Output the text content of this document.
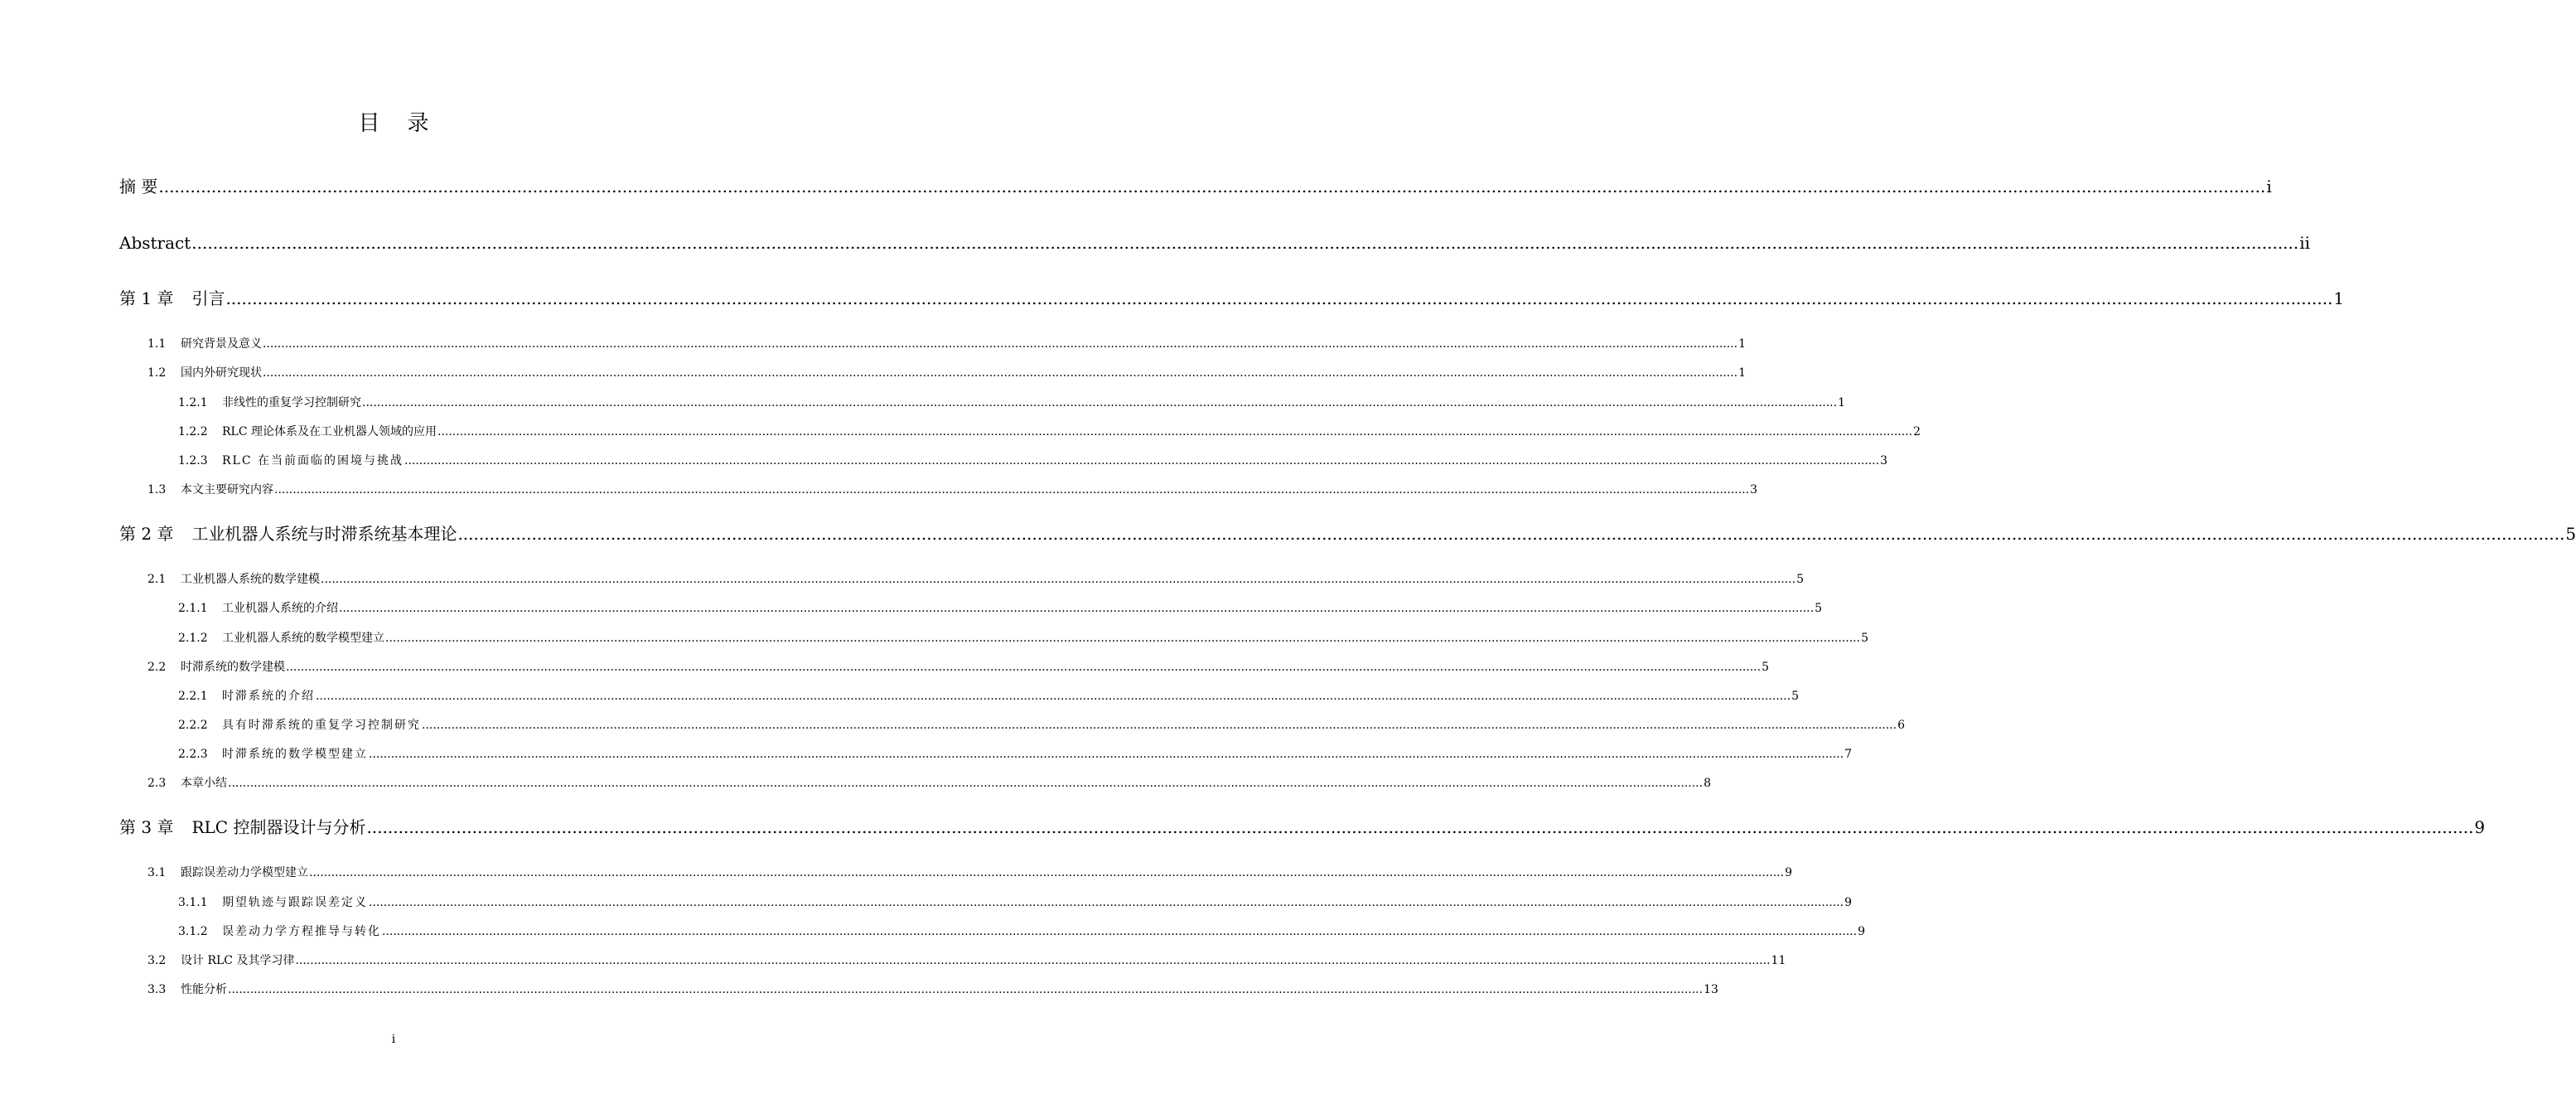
目    录
摘 要 ................................................................................................................................................................................................................................................................................................................................................................................................................ i
Abstract ................................................................................................................................................................................................................................................................................................................................................................................................................ ii
第 1 章 引言 ................................................................................................................................................................................................................................................................................................................................................................................................................ 1
1.1	研究背景及意义 ................................................................................................................................................................................................................................................................................................................................................................................................................ 1
1.2	国内外研究现状 ................................................................................................................................................................................................................................................................................................................................................................................................................ 1
1.2.1	非线性的重复学习控制研究 ................................................................................................................................................................................................................................................................................................................................................................................................................ 1
1.2.2	RLC 理论体系及在工业机器人领域的应用 ................................................................................................................................................................................................................................................................................................................................................................................................................ 2
1.2.3	RLC 在当前面临的困境与挑战 ................................................................................................................................................................................................................................................................................................................................................................................................................ 3
1.3	本文主要研究内容 ................................................................................................................................................................................................................................................................................................................................................................................................................ 3
第 2 章 工业机器人系统与时滞系统基本理论 ................................................................................................................................................................................................................................................................................................................................................................................................................ 5
2.1	工业机器人系统的数学建模 ................................................................................................................................................................................................................................................................................................................................................................................................................ 5
2.1.1	工业机器人系统的介绍 ................................................................................................................................................................................................................................................................................................................................................................................................................ 5
2.1.2	工业机器人系统的数学模型建立 ................................................................................................................................................................................................................................................................................................................................................................................................................ 5
2.2	时滞系统的数学建模 ................................................................................................................................................................................................................................................................................................................................................................................................................ 5
2.2.1	时滞系统的介绍 ................................................................................................................................................................................................................................................................................................................................................................................................................ 5
2.2.2	具有时滞系统的重复学习控制研究 ................................................................................................................................................................................................................................................................................................................................................................................................................ 6
2.2.3	时滞系统的数学模型建立 ................................................................................................................................................................................................................................................................................................................................................................................................................ 7
2.3	本章小结 ................................................................................................................................................................................................................................................................................................................................................................................................................ 8
第 3 章 RLC 控制器设计与分析 ................................................................................................................................................................................................................................................................................................................................................................................................................ 9
3.1	跟踪误差动力学模型建立 ................................................................................................................................................................................................................................................................................................................................................................................................................ 9
3.1.1	期望轨迹与跟踪误差定义 ................................................................................................................................................................................................................................................................................................................................................................................................................ 9
3.1.2	误差动力学方程推导与转化 ................................................................................................................................................................................................................................................................................................................................................................................................................ 9
3.2	设计 RLC 及其学习律 ................................................................................................................................................................................................................................................................................................................................................................................................................ 11
3.3	性能分析 ................................................................................................................................................................................................................................................................................................................................................................................................................ 13
i
